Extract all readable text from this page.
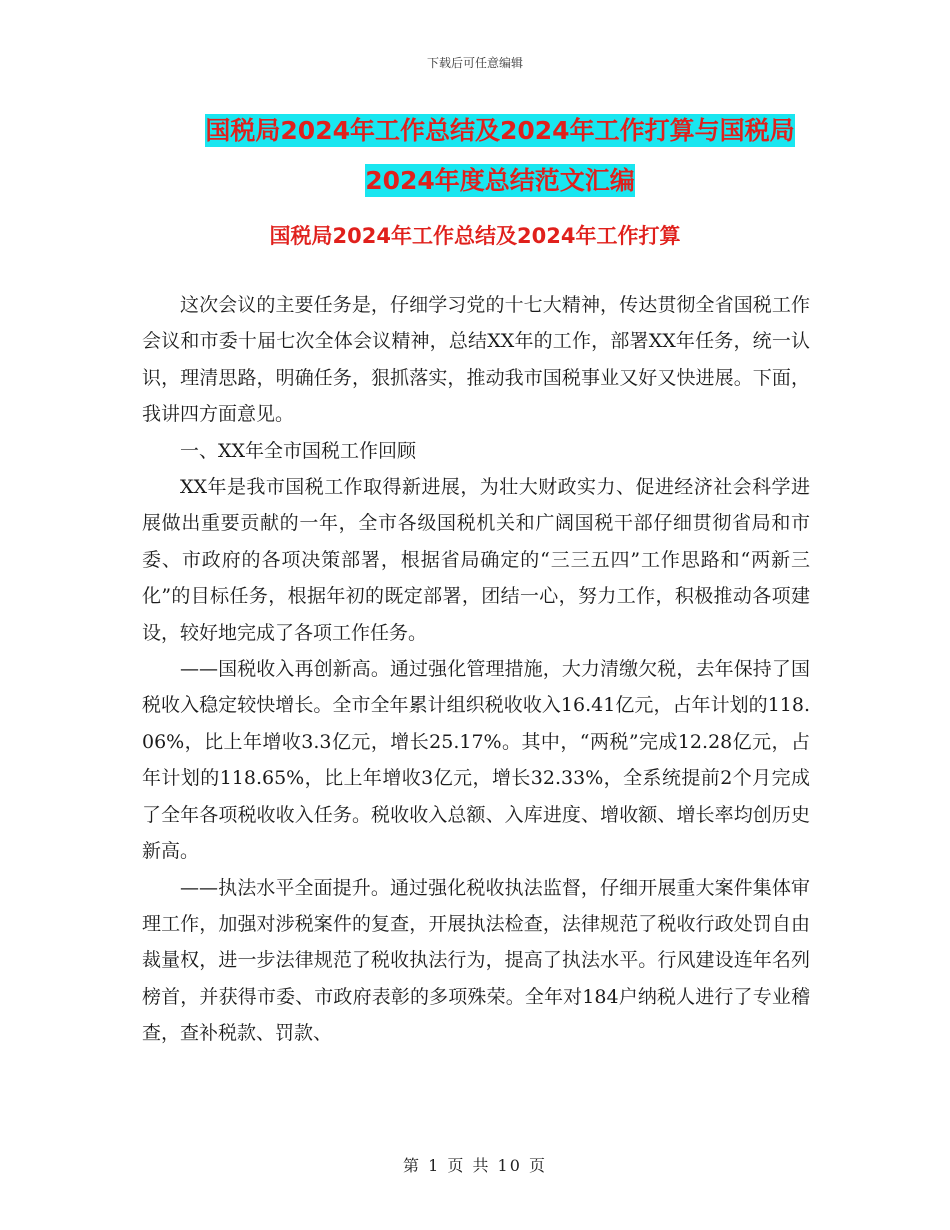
下载后可任意编辑
国税局2024年工作总结及2024年工作打算与国税局
2024年度总结范文汇编
国税局2024年工作总结及2024年工作打算

这次会议的主要任务是，仔细学习党的十七大精神，传达贯彻全省国税工作会议和市委十届七次全体会议精神，总结XX年的工作，部署XX年任务，统一认识，理清思路，明确任务，狠抓落实，推动我市国税事业又好又快进展。下面，我讲四方面意见。

一、XX年全市国税工作回顾

XX年是我市国税工作取得新进展，为壮大财政实力、促进经济社会科学进展做出重要贡献的一年，全市各级国税机关和广阔国税干部仔细贯彻省局和市委、市政府的各项决策部署，根据省局确定的“三三五四”工作思路和“两新三化”的目标任务，根据年初的既定部署，团结一心，努力工作，积极推动各项建设，较好地完成了各项工作任务。

——国税收入再创新高。通过强化管理措施，大力清缴欠税，去年保持了国税收入稳定较快增长。全市全年累计组织税收收入16.41亿元，占年计划的118.06%，比上年增收3.3亿元，增长25.17%。其中，“两税”完成12.28亿元，占年计划的118.65%，比上年增收3亿元，增长32.33%，全系统提前2个月完成了全年各项税收收入任务。税收收入总额、入库进度、增收额、增长率均创历史新高。

——执法水平全面提升。通过强化税收执法监督，仔细开展重大案件集体审理工作，加强对涉税案件的复查，开展执法检查，法律规范了税收行政处罚自由裁量权，进一步法律规范了税收执法行为，提高了执法水平。行风建设连年名列榜首，并获得市委、市政府表彰的多项殊荣。全年对184户纳税人进行了专业稽查，查补税款、罚款、

第 1 页 共 10 页
